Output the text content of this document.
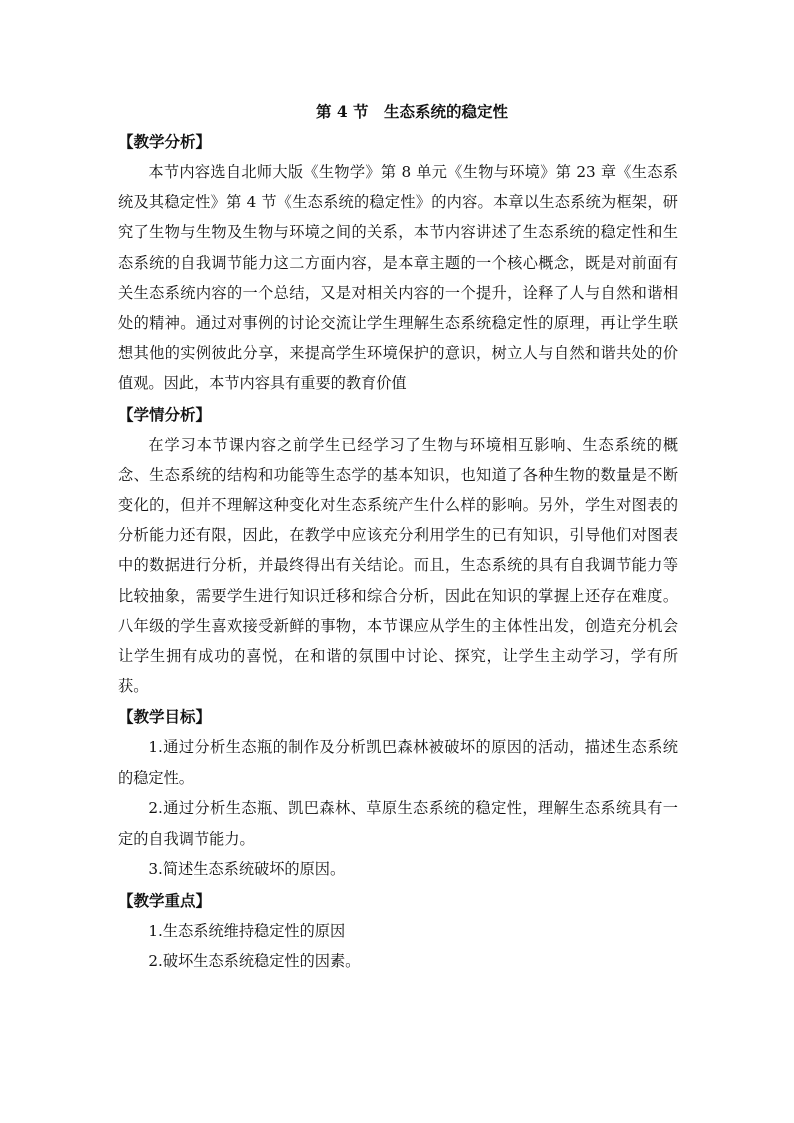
第 4 节　生态系统的稳定性
【教学分析】

本节内容选自北师大版《生物学》第 8 单元《生物与环境》第 23 章《生态系统及其稳定性》第 4 节《生态系统的稳定性》的内容。本章以生态系统为框架，研究了生物与生物及生物与环境之间的关系，本节内容讲述了生态系统的稳定性和生态系统的自我调节能力这二方面内容，是本章主题的一个核心概念，既是对前面有关生态系统内容的一个总结，又是对相关内容的一个提升，诠释了人与自然和谐相处的精神。通过对事例的讨论交流让学生理解生态系统稳定性的原理，再让学生联想其他的实例彼此分享，来提高学生环境保护的意识，树立人与自然和谐共处的价值观。因此，本节内容具有重要的教育价值

【学情分析】

在学习本节课内容之前学生已经学习了生物与环境相互影响、生态系统的概念、生态系统的结构和功能等生态学的基本知识，也知道了各种生物的数量是不断变化的，但并不理解这种变化对生态系统产生什么样的影响。另外，学生对图表的分析能力还有限，因此，在教学中应该充分利用学生的已有知识，引导他们对图表中的数据进行分析，并最终得出有关结论。而且，生态系统的具有自我调节能力等比较抽象，需要学生进行知识迁移和综合分析，因此在知识的掌握上还存在难度。八年级的学生喜欢接受新鲜的事物，本节课应从学生的主体性出发，创造充分机会让学生拥有成功的喜悦，在和谐的氛围中讨论、探究，让学生主动学习，学有所获。

【教学目标】

1.通过分析生态瓶的制作及分析凯巴森林被破坏的原因的活动，描述生态系统的稳定性。

2.通过分析生态瓶、凯巴森林、草原生态系统的稳定性，理解生态系统具有一定的自我调节能力。

3.简述生态系统破坏的原因。

【教学重点】

1.生态系统维持稳定性的原因

2.破坏生态系统稳定性的因素。
